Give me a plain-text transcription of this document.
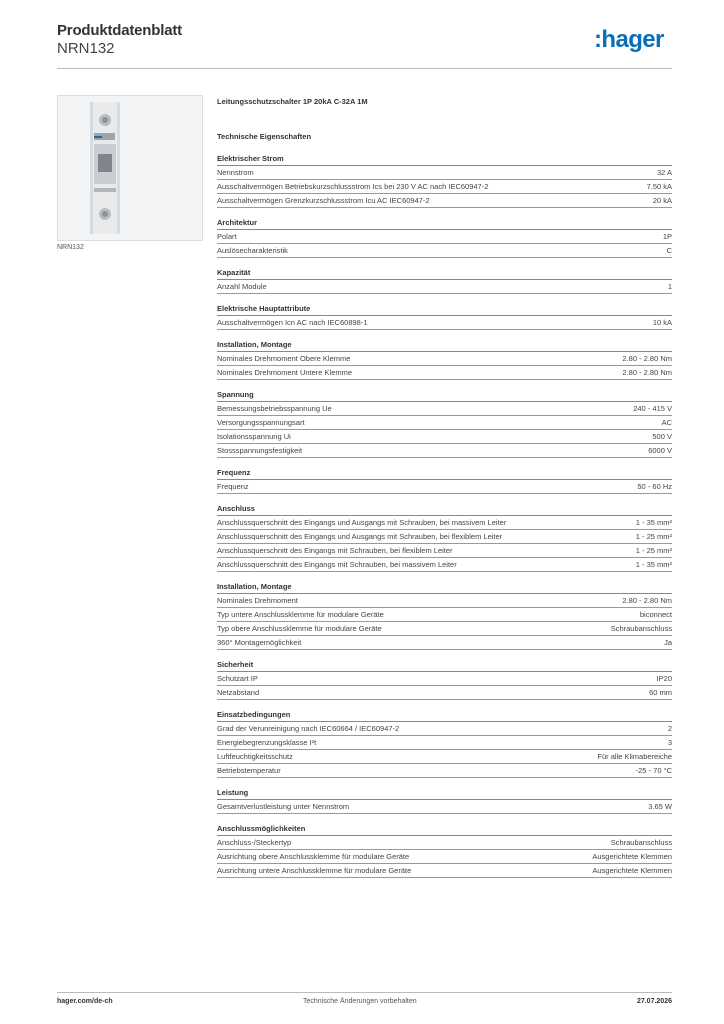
Produktdatenblatt
NRN132	:hager
NRN132
Leitungsschutzschalter 1P 20kA C-32A 1M
Technische Eigenschaften
Elektrischer Strom
Nennstrom	32 A
Ausschaltvermögen Betriebskurzschlussstrom Ics bei 230 V AC nach IEC60947-2	7.50 kA
Ausschaltvermögen Grenzkurzschlussstrom Icu AC IEC60947-2	20 kA
Architektur
Polart	1P
Auslösecharakteristik	C
Kapazität
Anzahl Module	1
Elektrische Hauptattribute
Ausschaltvermögen Icn AC nach IEC60898-1	10 kA
Installation, Montage
Nominales Drehmoment Obere Klemme	2.80 - 2.80 Nm
Nominales Drehmoment Untere Klemme	2.80 - 2.80 Nm
Spannung
Bemessungsbetriebsspannung Ue	240 - 415 V
Versorgungsspannungsart	AC
Isolationsspannung Ui	500 V
Stossspannungsfestigkeit	6000 V
Frequenz
Frequenz	50 - 60 Hz
Anschluss
Anschlussquerschnitt des Eingangs und Ausgangs mit Schrauben, bei massivem Leiter	1 - 35 mm²
Anschlussquerschnitt des Eingangs und Ausgangs mit Schrauben, bei flexiblem Leiter	1 - 25 mm²
Anschlussquerschnitt des Eingangs mit Schrauben, bei flexiblem Leiter	1 - 25 mm²
Anschlussquerschnitt des Eingangs mit Schrauben, bei massivem Leiter	1 - 35 mm²
Installation, Montage
Nominales Drehmoment	2.80 - 2.80 Nm
Typ untere Anschlussklemme für modulare Geräte	biconnect
Typ obere Anschlussklemme für modulare Geräte	Schraubanschluss
360° Montagemöglichkeit	Ja
Sicherheit
Schutzart IP	IP20
Netzabstand	60 mm
Einsatzbedingungen
Grad der Verunreinigung nach IEC60664 / IEC60947-2	2
Energiebegrenzungsklasse I²t	3
Luftfeuchtigkeitsschutz	Für alle Klimabereiche
Betriebstemperatur	-25 - 70 °C
Leistung
Gesamtverlustleistung unter Nennstrom	3.65 W
Anschlussmöglichkeiten
Anschluss-/Steckertyp	Schraubanschluss
Ausrichtung obere Anschlussklemme für modulare Geräte	Ausgerichtete Klemmen
Ausrichtung untere Anschlussklemme für modulare Geräte	Ausgerichtete Klemmen
hager.com/de-ch	Technische Änderungen vorbehalten	27.07.2026
